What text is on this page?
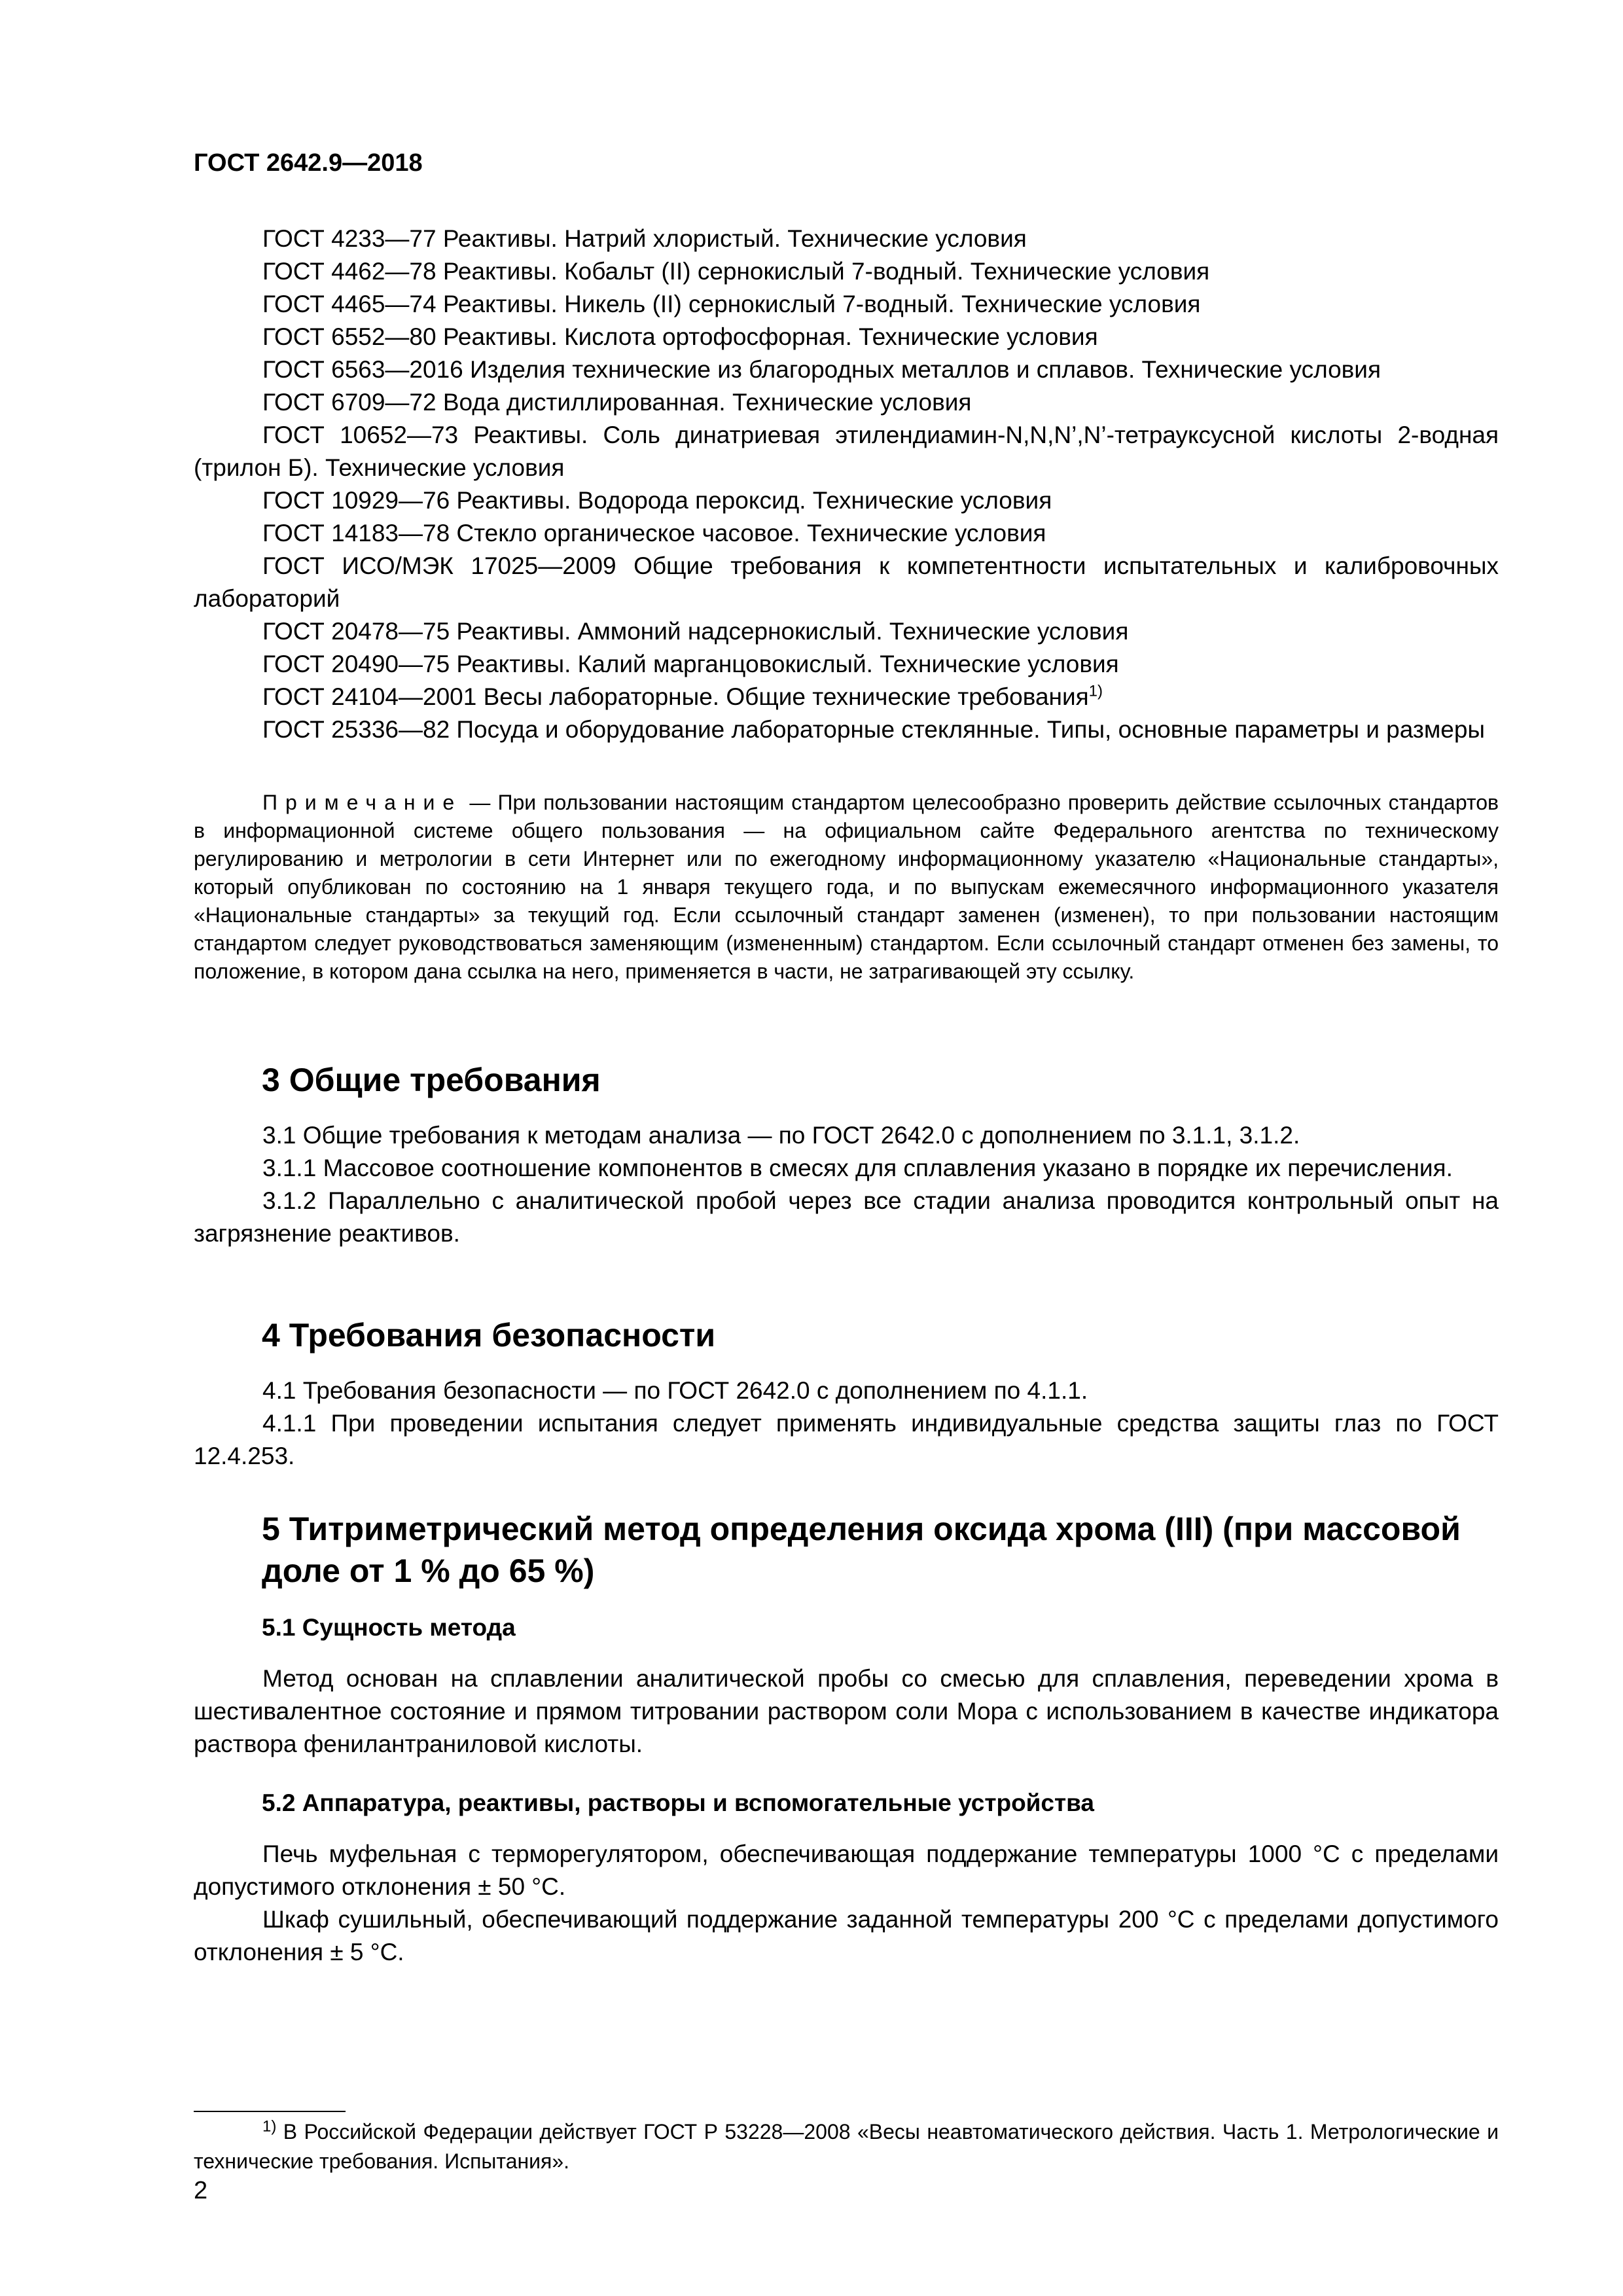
ГОСТ 2642.9—2018

ГОСТ 4233—77 Реактивы. Натрий хлористый. Технические условия

ГОСТ 4462—78 Реактивы. Кобальт (II) сернокислый 7-водный. Технические условия

ГОСТ 4465—74 Реактивы. Никель (II) сернокислый 7-водный. Технические условия

ГОСТ 6552—80 Реактивы. Кислота ортофосфорная. Технические условия

ГОСТ 6563—2016 Изделия технические из благородных металлов и сплавов. Технические условия

ГОСТ 6709—72 Вода дистиллированная. Технические условия

ГОСТ 10652—73 Реактивы. Соль динатриевая этилендиамин-N,N,N’,N’-тетрауксусной кислоты 2-водная (трилон Б). Технические условия

ГОСТ 10929—76 Реактивы. Водорода пероксид. Технические условия

ГОСТ 14183—78 Стекло органическое часовое. Технические условия

ГОСТ ИСО/МЭК 17025—2009 Общие требования к компетентности испытательных и калибровочных лабораторий

ГОСТ 20478—75 Реактивы. Аммоний надсернокислый. Технические условия

ГОСТ 20490—75 Реактивы. Калий марганцовокислый. Технические условия

ГОСТ 24104—2001 Весы лабораторные. Общие технические требования$^{1)}$

ГОСТ 25336—82 Посуда и оборудование лабораторные стеклянные. Типы, основные параметры и размеры

Примечание — При пользовании настоящим стандартом целесообразно проверить действие ссылочных стандартов в информационной системе общего пользования — на официальном сайте Федерального агентства по техническому регулированию и метрологии в сети Интернет или по ежегодному информационному указателю «Национальные стандарты», который опубликован по состоянию на 1 января текущего года, и по выпускам ежемесячного информационного указателя «Национальные стандарты» за текущий год. Если ссылочный стандарт заменен (изменен), то при пользовании настоящим стандартом следует руководствоваться заменяющим (измененным) стандартом. Если ссылочный стандарт отменен без замены, то положение, в котором дана ссылка на него, применяется в части, не затрагивающей эту ссылку.

3 Общие требования

3.1 Общие требования к методам анализа — по ГОСТ 2642.0 с дополнением по 3.1.1, 3.1.2.

3.1.1 Массовое соотношение компонентов в смесях для сплавления указано в порядке их перечисления.

3.1.2 Параллельно с аналитической пробой через все стадии анализа проводится контрольный опыт на загрязнение реактивов.

4 Требования безопасности

4.1 Требования безопасности — по ГОСТ 2642.0 с дополнением по 4.1.1.

4.1.1 При проведении испытания следует применять индивидуальные средства защиты глаз по ГОСТ 12.4.253.

5 Титриметрический метод определения оксида хрома (III) (при массовой доле от 1 % до 65 %)
5.1 Сущность метода

Метод основан на сплавлении аналитической пробы со смесью для сплавления, переведении хрома в шестивалентное состояние и прямом титровании раствором соли Мора с использованием в качестве индикатора раствора фенилантраниловой кислоты.

5.2 Аппаратура, реактивы, растворы и вспомогательные устройства

Печь муфельная с терморегулятором, обеспечивающая поддержание температуры 1000 °С с пределами допустимого отклонения ± 50 °С.

Шкаф сушильный, обеспечивающий поддержание заданной температуры 200 °С с пределами допустимого отклонения ± 5 °С.

$^{1)}$ В Российской Федерации действует ГОСТ Р 53228—2008 «Весы неавтоматического действия. Часть 1. Метрологические и технические требования. Испытания».

2
